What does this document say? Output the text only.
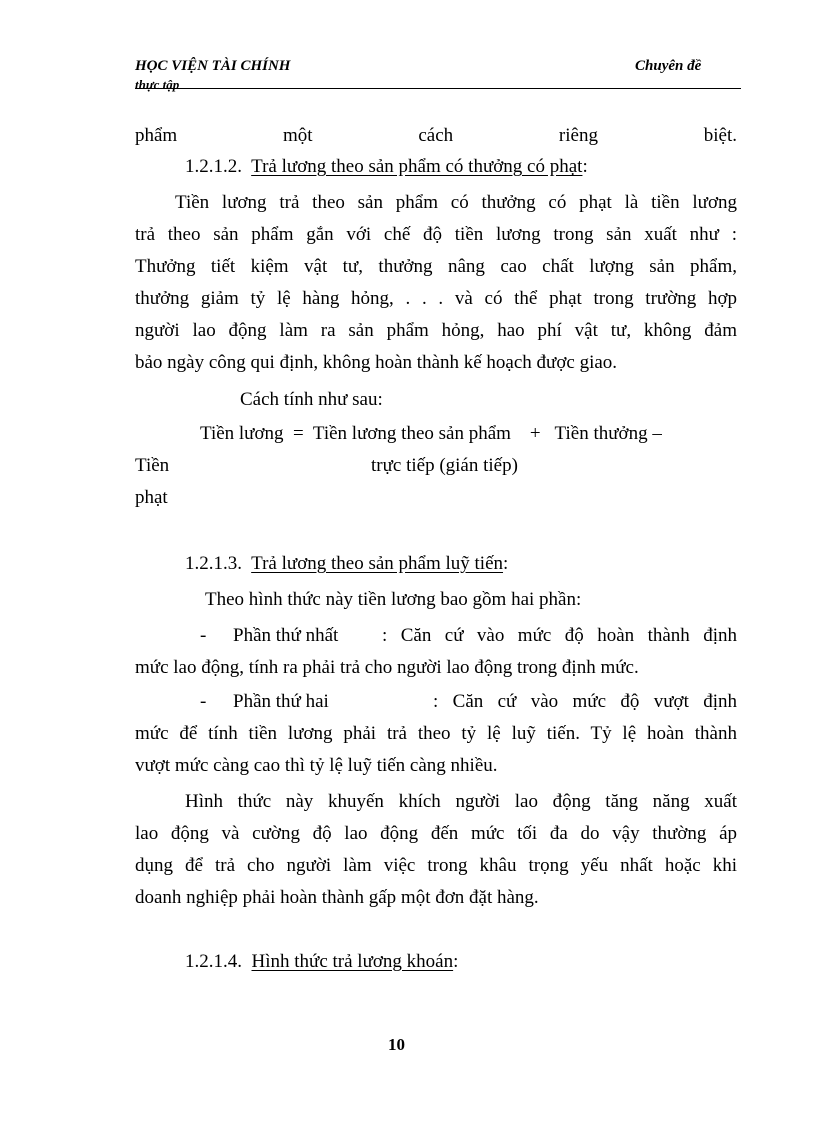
HỌC VIỆN TÀI CHÍNH
thực tập
Chuyên đề
phẩm một cách riêng biệt.
1.2.1.2. Trả lương theo sản phẩm có thưởng có phạt:
Tiền lương trả theo sản phẩm có thưởng có phạt là tiền lương
trả theo sản phẩm gắn với chế độ tiền lương trong sản xuất như :
Thưởng tiết kiệm vật tư, thưởng nâng cao chất lượng sản phẩm,
thưởng giảm tỷ lệ hàng hỏng, . . . và có thể phạt trong trường hợp
người lao động làm ra sản phẩm hỏng, hao phí vật tư, không đảm
bảo ngày công qui định, không hoàn thành kế hoạch được giao.
Cách tính như sau:
Tiền lương  =  Tiền lương theo sản phẩm    +   Tiền thưởng –
Tiền	trực tiếp (gián tiếp)
phạt
1.2.1.3. Trả lương theo sản phẩm luỹ tiến:
Theo hình thức này tiền lương bao gồm hai phần:
- Phần thứ nhất : Căn cứ vào mức độ hoàn thành định
mức lao động, tính ra phải trả cho người lao động trong định mức.
- Phần thứ hai	: Căn cứ vào mức độ vượt định
mức để tính tiền lương phải trả theo tỷ lệ luỹ tiến. Tỷ lệ hoàn thành
vượt mức càng cao thì tỷ lệ luỹ tiến càng nhiều.
Hình thức này khuyến khích người lao động tăng năng xuất
lao động và cường độ lao động đến mức tối đa do vậy thường áp
dụng để trả cho người làm việc trong khâu trọng yếu nhất hoặc khi
doanh nghiệp phải hoàn thành gấp một đơn đặt hàng.
1.2.1.4. Hình thức trả lương khoán:
10
